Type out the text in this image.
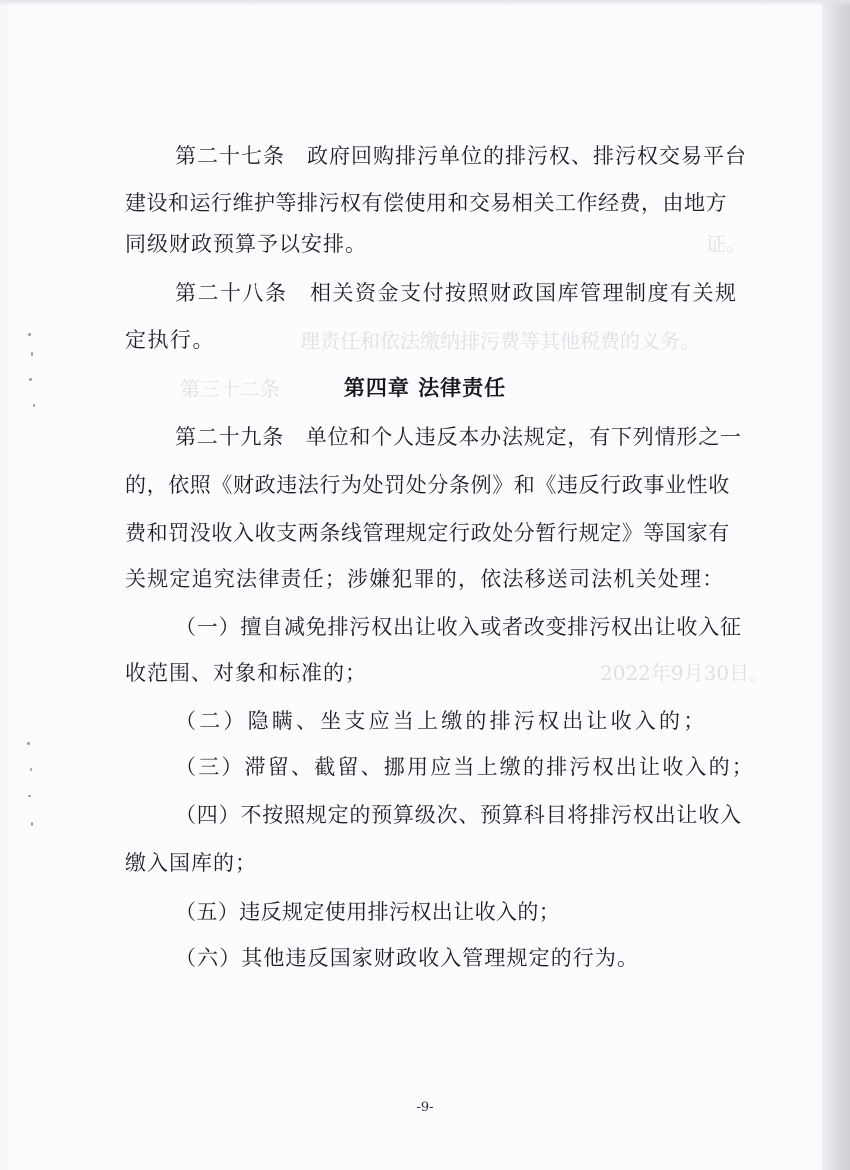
证。
理责任和依法缴纳排污费等其他税费的义务。
第三十二条
2022年9月30日。
第二十七条　政府回购排污单位的排污权、排污权交易平台
建设和运行维护等排污权有偿使用和交易相关工作经费，由地方
同级财政预算予以安排。
第二十八条　相关资金支付按照财政国库管理制度有关规
定执行。
第四章 法律责任
第二十九条　单位和个人违反本办法规定，有下列情形之一
的，依照《财政违法行为处罚处分条例》和《违反行政事业性收
费和罚没收入收支两条线管理规定行政处分暂行规定》等国家有
关规定追究法律责任；涉嫌犯罪的，依法移送司法机关处理：
（一）擅自减免排污权出让收入或者改变排污权出让收入征
收范围、对象和标准的；
（二）隐瞒、坐支应当上缴的排污权出让收入的；
（三）滞留、截留、挪用应当上缴的排污权出让收入的；
（四）不按照规定的预算级次、预算科目将排污权出让收入
缴入国库的；
（五）违反规定使用排污权出让收入的；
（六）其他违反国家财政收入管理规定的行为。
-9-
